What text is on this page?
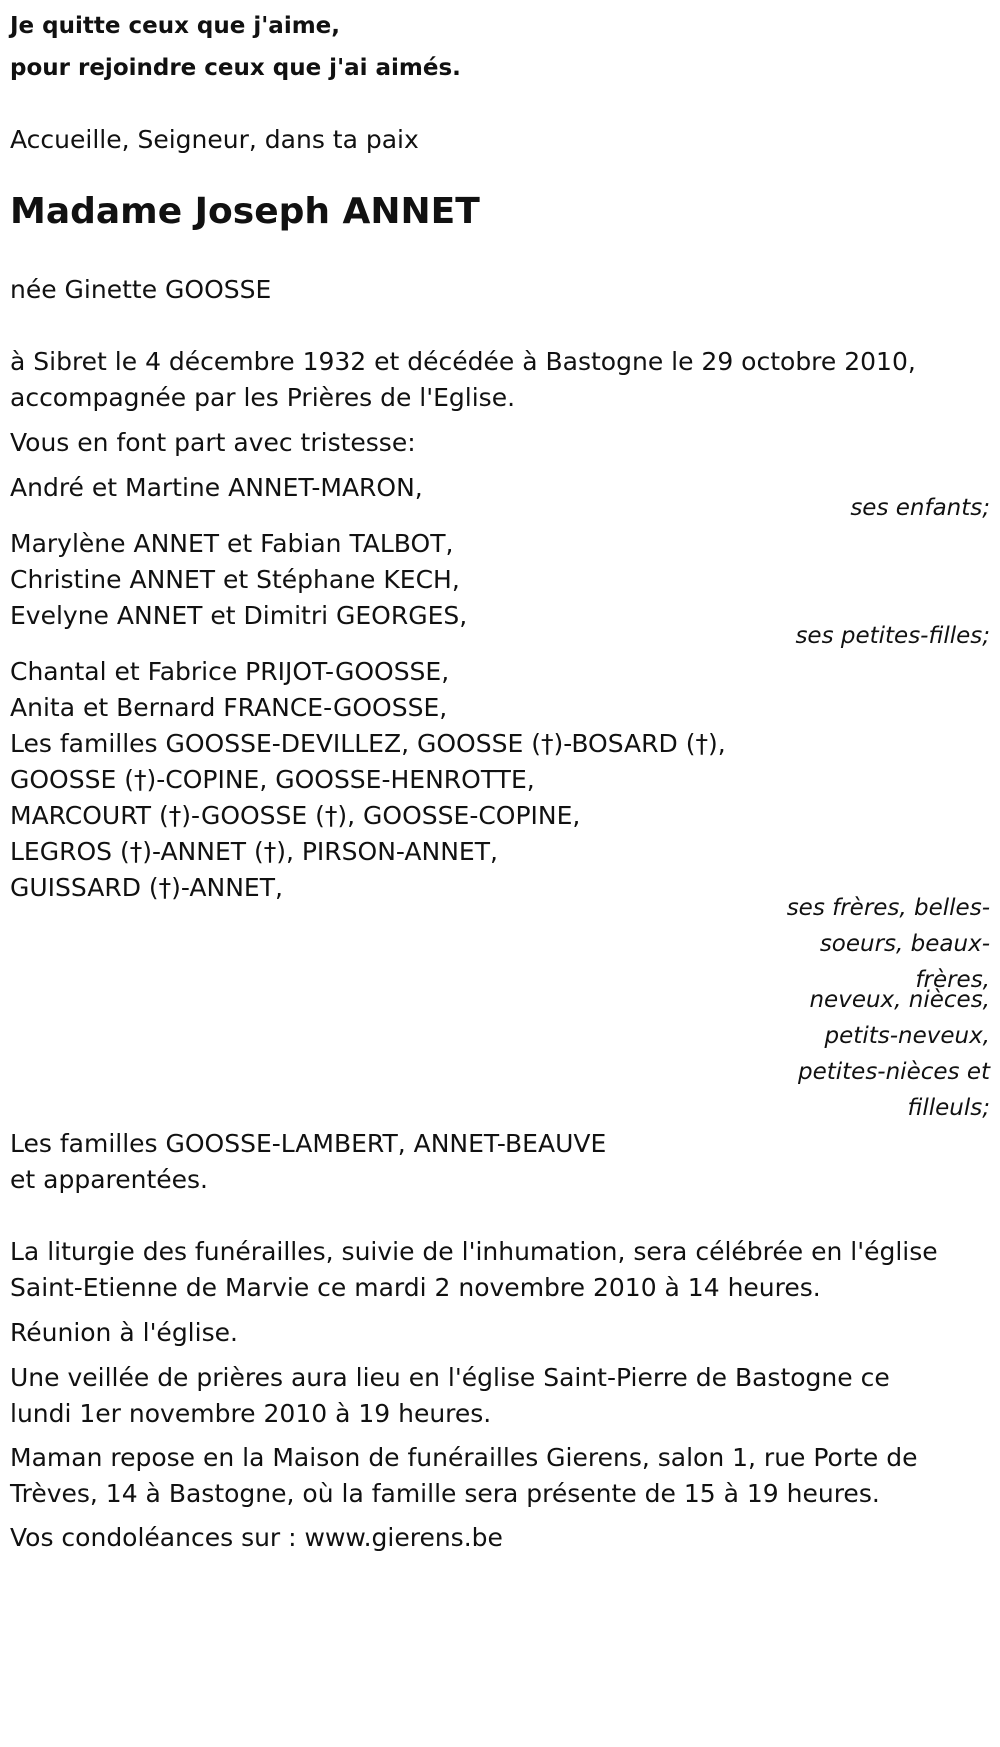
Je quitte ceux que j'aime,
pour rejoindre ceux que j'ai aimés.
Accueille, Seigneur, dans ta paix
Madame Joseph ANNET
née Ginette GOOSSE
à Sibret le 4 décembre 1932 et décédée à Bastogne le 29 octobre 2010,
accompagnée par les Prières de l'Eglise.
Vous en font part avec tristesse:
André et Martine ANNET-MARON,
ses enfants;
Marylène ANNET et Fabian TALBOT,
Christine ANNET et Stéphane KECH,
Evelyne ANNET et Dimitri GEORGES,
ses petites-filles;
Chantal et Fabrice PRIJOT-GOOSSE,
Anita et Bernard FRANCE-GOOSSE,
Les familles GOOSSE-DEVILLEZ, GOOSSE (†)-BOSARD (†),
GOOSSE (†)-COPINE, GOOSSE-HENROTTE,
MARCOURT (†)-GOOSSE (†), GOOSSE-COPINE,
LEGROS (†)-ANNET (†), PIRSON-ANNET,
GUISSARD (†)-ANNET,
ses frères, belles-soeurs, beaux-frères,
neveux, nièces, petits-neveux, petites-nièces et filleuls;
Les familles GOOSSE-LAMBERT, ANNET-BEAUVE
et apparentées.
La liturgie des funérailles, suivie de l'inhumation, sera célébrée en l'église
Saint-Etienne de Marvie ce mardi 2 novembre 2010 à 14 heures.
Réunion à l'église.
Une veillée de prières aura lieu en l'église Saint-Pierre de Bastogne ce
lundi 1er novembre 2010 à 19 heures.
Maman repose en la Maison de funérailles Gierens, salon 1, rue Porte de
Trèves, 14 à Bastogne, où la famille sera présente de 15 à 19 heures.
Vos condoléances sur : www.gierens.be
